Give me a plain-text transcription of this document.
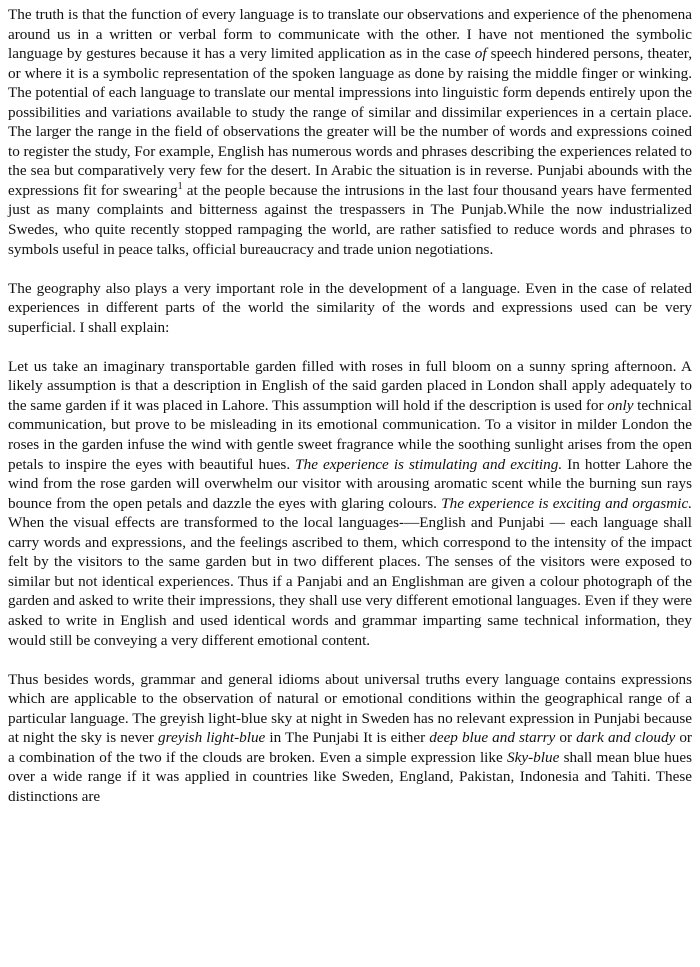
The truth is that the function of every language is to translate our observations and experience of the phenomena around us in a written or verbal form to communicate with the other. I have not mentioned the symbolic language by gestures because it has a very limited application as in the case of speech hindered persons, theater, or where it is a symbolic representation of the spoken language as done by raising the middle finger or winking. The potential of each language to translate our mental impressions into linguistic form depends entirely upon the possibilities and variations available to study the range of similar and dissimilar experiences in a certain place. The larger the range in the field of observations the greater will be the number of words and expressions coined to register the study, For example, English has numerous words and phrases describing the experiences related to the sea but comparatively very few for the desert. In Arabic the situation is in reverse. Punjabi abounds with the expressions fit for swearing$^1$ at the people because the intrusions in the last four thousand years have fermented just as many complaints and bitterness against the trespassers in The Punjab.While the now industrialized Swedes, who quite recently stopped rampaging the world, are rather satisfied to reduce words and phrases to symbols useful in peace talks, official bureaucracy and trade union negotiations.

The geography also plays a very important role in the development of a language. Even in the case of related experiences in different parts of the world the similarity of the words and expressions used can be very superficial. I shall explain:

Let us take an imaginary transportable garden filled with roses in full bloom on a sunny spring afternoon. A likely assumption is that a description in English of the said garden placed in London shall apply adequately to the same garden if it was placed in Lahore. This assumption will hold if the description is used for only technical communication, but prove to be misleading in its emotional communication. To a visitor in milder London the roses in the garden infuse the wind with gentle sweet fragrance while the soothing sunlight arises from the open petals to inspire the eyes with beautiful hues. The experience is stimulating and exciting. In hotter Lahore the wind from the rose garden will overwhelm our visitor with arousing aromatic scent while the burning sun rays bounce from the open petals and dazzle the eyes with glaring colours. The experience is exciting and orgasmic. When the visual effects are transformed to the local languages-—English and Punjabi — each language shall carry words and expressions, and the feelings ascribed to them, which correspond to the intensity of the impact felt by the visitors to the same garden but in two different places. The senses of the visitors were exposed to similar but not identical experiences. Thus if a Panjabi and an Englishman are given a colour photograph of the garden and asked to write their impressions, they shall use very different emotional languages. Even if they were asked to write in English and used identical words and grammar imparting same technical information, they would still be conveying a very different emotional content.

Thus besides words, grammar and general idioms about universal truths every language contains expressions which are applicable to the observation of natural or emotional conditions within the geographical range of a particular language. The greyish light-blue sky at night in Sweden has no relevant expression in Punjabi because at night the sky is never greyish light-blue in The Punjabi It is either deep blue and starry or dark and cloudy or a combination of the two if the clouds are broken. Even a simple expression like Sky-blue shall mean blue hues over a wide range if it was applied in countries like Sweden, England, Pakistan, Indonesia and Tahiti. These distinctions are
